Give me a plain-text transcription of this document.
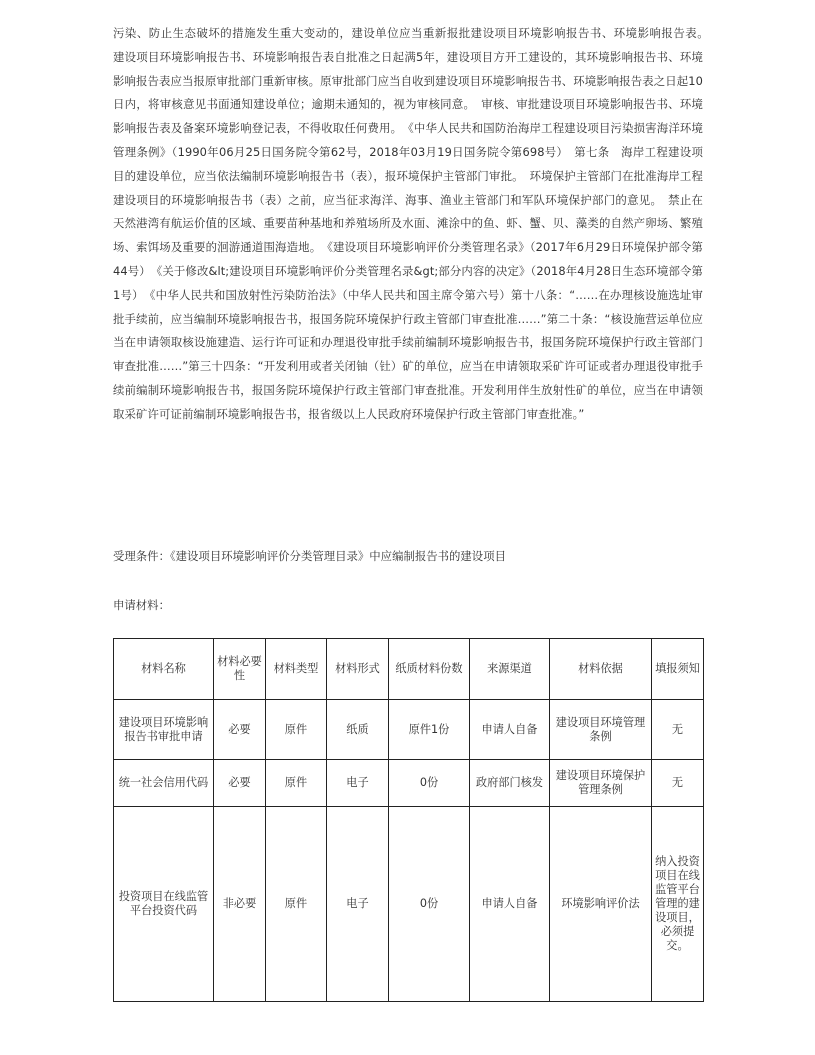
污染、防止生态破坏的措施发生重大变动的，建设单位应当重新报批建设项目环境影响报告书、环境影响报告表。　建设项目环境影响报告书、环境影响报告表自批准之日起满5年，建设项目方开工建设的，其环境影响报告书、环境影响报告表应当报原审批部门重新审核。原审批部门应当自收到建设项目环境影响报告书、环境影响报告表之日起10日内，将审核意见书面通知建设单位；逾期未通知的，视为审核同意。　审核、审批建设项目环境影响报告书、环境影响报告表及备案环境影响登记表，不得收取任何费用。　《中华人民共和国防治海岸工程建设项目污染损害海洋环境管理条例》（1990年06月25日国务院令第62号，2018年03月19日国务院令第698号）　第七条　海岸工程建设项目的建设单位，应当依法编制环境影响报告书（表），报环境保护主管部门审批。　环境保护主管部门在批准海岸工程建设项目的环境影响报告书（表）之前，应当征求海洋、海事、渔业主管部门和军队环境保护部门的意见。　禁止在天然港湾有航运价值的区域、重要苗种基地和养殖场所及水面、滩涂中的鱼、虾、蟹、贝、藻类的自然产卵场、繁殖场、索饵场及重要的洄游通道围海造地。　《建设项目环境影响评价分类管理名录》（2017年6月29日环境保护部令第44号）　《关于修改&lt;建设项目环境影响评价分类管理名录&gt;部分内容的决定》（2018年4月28日生态环境部令第1号）　《中华人民共和国放射性污染防治法》（中华人民共和国主席令第六号）第十八条：“……在办理核设施选址审批手续前，应当编制环境影响报告书，报国务院环境保护行政主管部门审查批准……”第二十条：“核设施营运单位应当在申请领取核设施建造、运行许可证和办理退役审批手续前编制环境影响报告书，报国务院环境保护行政主管部门审查批准……”第三十四条：“开发利用或者关闭铀（钍）矿的单位，应当在申请领取采矿许可证或者办理退役审批手续前编制环境影响报告书，报国务院环境保护行政主管部门审查批准。开发利用伴生放射性矿的单位，应当在申请领取采矿许可证前编制环境影响报告书，报省级以上人民政府环境保护行政主管部门审查批准。”

受理条件：《建设项目环境影响评价分类管理目录》中应编制报告书的建设项目

申请材料：

材料名称	材料必要性	材料类型	材料形式	纸质材料份数	来源渠道	材料依据	填报须知
建设项目环境影响报告书审批申请	必要	原件	纸质	原件1份	申请人自备	建设项目环境管理条例	无
统一社会信用代码	必要	原件	电子	0份	政府部门核发	建设项目环境保护管理条例	无
投资项目在线监管平台投资代码	非必要	原件	电子	0份	申请人自备	环境影响评价法	纳入投资项目在线监管平台管理的建设项目，必须提交。
